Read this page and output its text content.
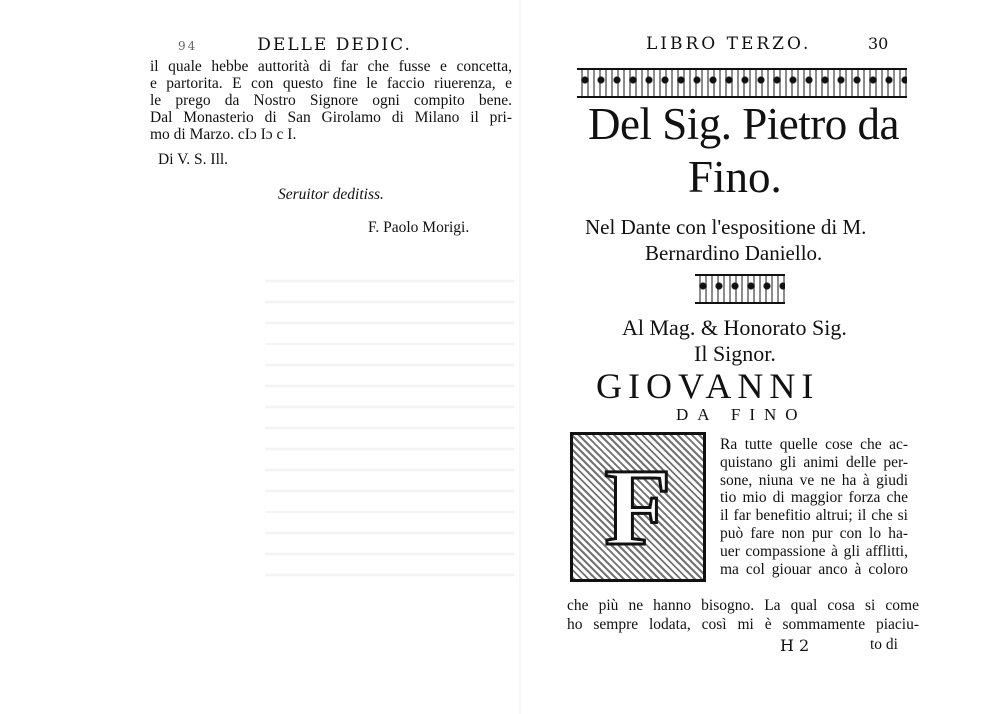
94	DELLE DEDIC.
il quale hebbe auttorità di far che fusse e concetta,
e partorita. E con questo fine le faccio riuerenza, e
le prego da Nostro Signore ogni compito bene.
Dal Monasterio di San Girolamo di Milano il pri-
mo di Marzo. cIɔ Iɔ c I.
Di V. S. Ill.
Seruitor deditiss.
F. Paolo Morigi.
LIBRO TERZO.	30
Del Sig. Pietro da
Fino.
Nel Dante con l'espositione di M.
Bernardino Daniello.
Al Mag. & Honorato Sig.
Il Signor.
GIOVANNI
DA FINO
F
Ra tutte quelle cose che ac-
quistano gli animi delle per-
sone, niuna ve ne ha à giudi
tio mio di maggior forza che
il far benefitio altrui; il che si
può fare non pur con lo ha-
uer compassione à gli afflitti,
ma col giouar anco à coloro
che più ne hanno bisogno. La qual cosa si come
ho sempre lodata, così mi è sommamente piaciu-
H 2	to di
